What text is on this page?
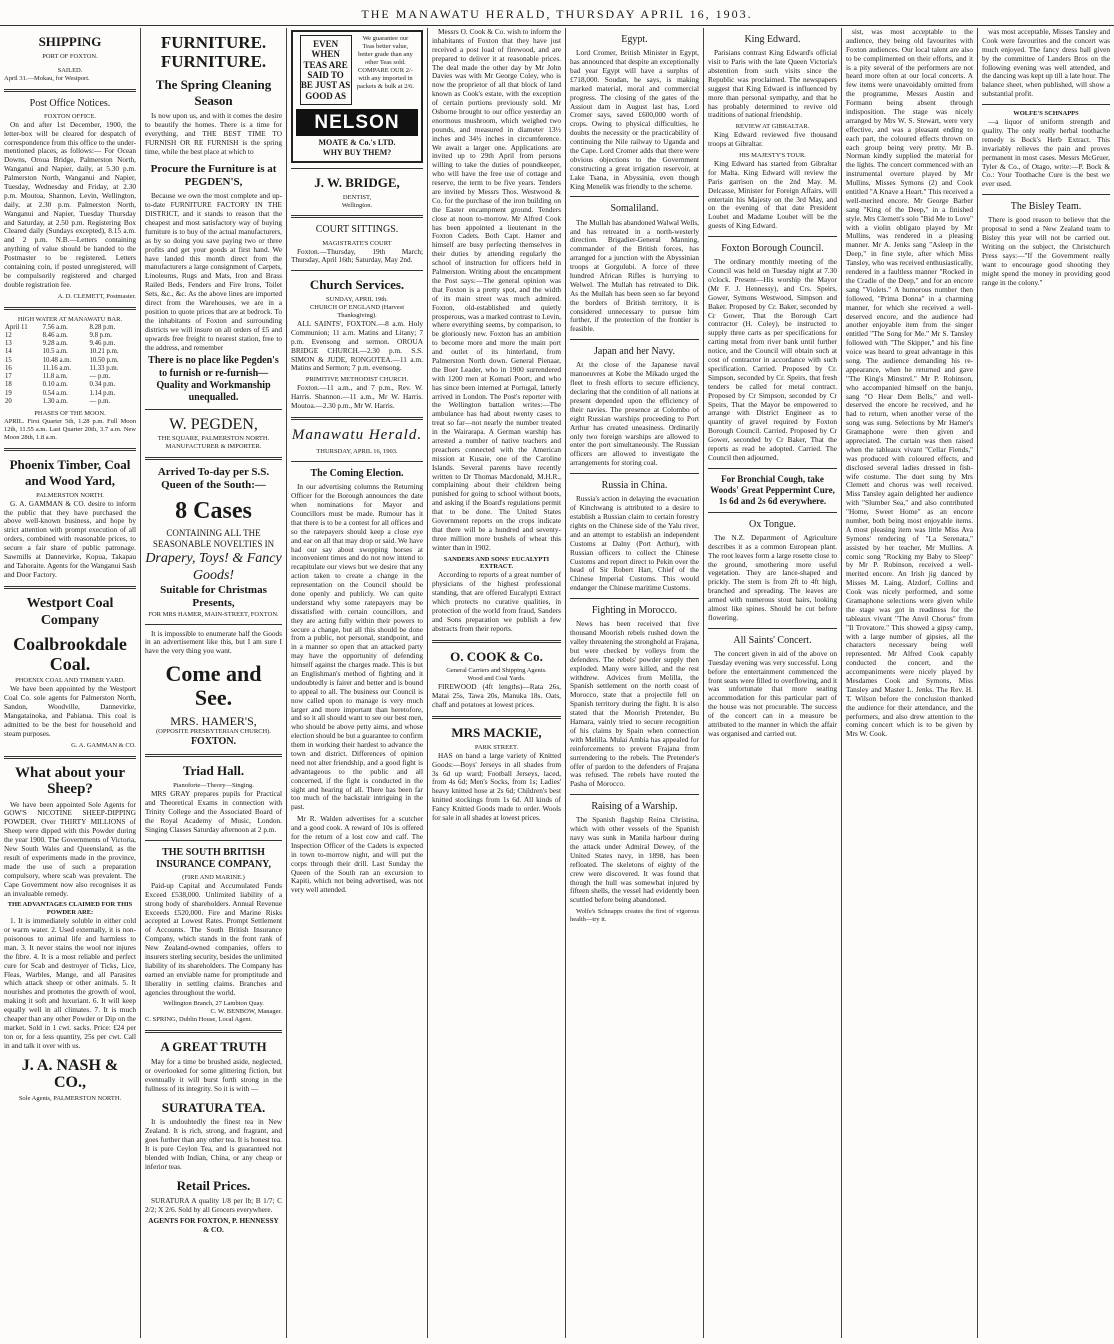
THE MANAWATU HERALD, THURSDAY APRIL 16, 1903.
SHIPPING
PORT OF FOXTON.
SAILED.
April 31.—Mokau, for Westport.
Post Office Notices.
FOXTON OFFICE.

On and after 1st December, 1900, the letter-box will be cleared for despatch of correspondence from this office to the under-mentioned places, as follows:— For Ocean Downs, Oroua Bridge, Palmerston North, Wanganui and Napier, daily, at 5.30 p.m. Palmerston North, Wanganui and Napier, Tuesday, Wednesday and Friday, at 2.30 p.m. Moutoa, Shannon, Levin, Wellington, daily, at 2.30 p.m. Palmerston North, Wanganui and Napier, Tuesday Thursday and Saturday, at 2.50 p.m. Registering Box Cleared daily (Sundays excepted), 8.15 a.m. and 2 p.m. N.B.—Letters containing anything of value should be handed to the Postmaster to be registered. Letters containing coin, if posted unregistered, will be compulsorily registered and charged double registration fee.

A. D. CLEMETT, Postmaster.
HIGH WATER AT MANAWATU BAR.
April 11	7.56 a.m.	8.28 p.m.
12	8.46 a.m.	9.8 p.m.
13	9.28 a.m.	9.46 p.m.
14	10.5 a.m.	10.21 p.m.
15	10.48 a.m.	10.50 p.m.
16	11.16 a.m.	11.33 p.m.
17	11.8 a.m.	— p.m.
18	0.10 a.m.	0.34 p.m.
19	0.54 a.m.	1.14 p.m.
20	1.30 a.m.	— p.m.
PHASES OF THE MOON.
APRIL. First Quarter 5th, 1.28 p.m. Full Moon 12th, 11.55 a.m. Last Quarter 20th, 3.7 a.m. New Moon 28th, 1.8 a.m.
Phoenix Timber, Coal and Wood Yard,
PALMERSTON NORTH.

G. A. GAMMAN & CO. desire to inform the public that they have purchased the above well-known business, and hope by strict attention with prompt execution of all orders, combined with reasonable prices, to secure a fair share of public patronage. Sawmills at Dannevirke, Kopua, Takapau and Tahoraite. Agents for the Wanganui Sash and Door Factory.

Westport Coal Company
Coalbrookdale Coal.
PHOENIX COAL AND TIMBER YARD.

We have been appointed by the Westport Coal Co. sole agents for Palmerston North, Sandon, Woodville, Dannevirke, Mangatainoka, and Pahiatua. This coal is admitted to be the best for household and steam purposes.

G. A. GAMMAN & CO.
What about your Sheep?

We have been appointed Sole Agents for GOW'S NICOTINE SHEEP-DIPPING POWDER. Over THIRTY MILLIONS of Sheep were dipped with this Powder during the year 1900. The Governments of Victoria, New South Wales and Queensland, as the result of experiments made in the province, made the use of such a preparation compulsory, where scab was prevalent. The Cape Government now also recognises it as an invaluable remedy.

THE ADVANTAGES CLAIMED FOR THIS POWDER ARE:

1. It is immediately soluble in either cold or warm water. 2. Used externally, it is non-poisonous to animal life and harmless to man. 3. It never stains the wool nor injures the fibre. 4. It is a most reliable and perfect cure for Scab and destroyer of Ticks, Lice, Fleas, Warbles, Mange, and all Parasites which attack sheep or other animals. 5. It nourishes and promotes the growth of wool, making it soft and luxuriant. 6. It will keep equally well in all climates. 7. It is much cheaper than any other Powder or Dip on the market. Sold in 1 cwt. sacks. Price: £24 per ton or, for a less quantity, 25s per cwt. Call in and talk it over with us.

J. A. NASH & CO.,
Sole Agents, PALMERSTON NORTH.
FURNITURE. FURNITURE.
The Spring Cleaning Season

Is now upon us, and with it comes the desire to beautify the homes. There is a time for everything, and THE BEST TIME TO FURNISH OR RE FURNISH is the spring time, while the best place at which to

Procure the Furniture is at PEGDEN'S,

Because we own the most complete and up-to-date FURNITURE FACTORY IN THE DISTRICT, and it stands to reason that the cheapest and most satisfactory way of buying furniture is to buy of the actual manufacturers, as by so doing you save paying two or three profits and get your goods at first hand. We have landed this month direct from the manufacturers a large consignment of Carpets, Linoleums, Rugs and Mats, Iron and Brass Railed Beds, Fenders and Fire Irons, Toilet Sets, &c., &c. As the above lines are imported direct from the Warehouses, we are in a position to quote prices that are at bedrock. To the inhabitants of Foxton and surrounding districts we will insure on all orders of £5 and upwards free freight to nearest station, free to the address, and remember

There is no place like Pegden's to furnish or re-furnish—Quality and Workmanship unequalled.
W. PEGDEN,
THE SQUARE, PALMERSTON NORTH.
MANUFACTURER & IMPORTER.
Arrived To-day per S.S. Queen of the South:—
8 Cases
CONTAINING ALL THE SEASONABLE NOVELTIES IN
Drapery, Toys! & Fancy Goods!
Suitable for Christmas Presents,
FOR MRS HAMER, MAIN-STREET, FOXTON.

It is impossible to enumerate half the Goods in an advertisement like this, but I am sure I have the very thing you want.

Come and See.
MRS. HAMER'S,
(OPPOSITE PRESBYTERIAN CHURCH).
FOXTON.
Triad Hall.
Pianoforte—Theory—Singing.

MRS GRAY prepares pupils for Practical and Theoretical Exams in connection with Trinity College and the Associated Board of the Royal Academy of Music, London. Singing Classes Saturday afternoon at 2 p.m.

THE SOUTH BRITISH INSURANCE COMPANY,
(FIRE AND MARINE.)

Paid-up Capital and Accumulated Funds Exceed £538,000. Unlimited liability of a strong body of shareholders. Annual Revenue Exceeds £520,000. Fire and Marine Risks accepted at Lowest Rates. Prompt Settlement of Accounts. The South British Insurance Company, which stands in the front rank of New Zealand-owned companies, offers to insurers sterling security, besides the unlimited liability of its shareholders. The Company has earned an enviable name for promptitude and liberality in settling claims. Branches and agencies throughout the world.

Wellington Branch, 27 Lambton Quay.
C. W. BENBOW, Manager.
C. SPRING, Dublin House, Local Agent.
A GREAT TRUTH

May for a time be brushed aside, neglected, or overlooked for some glittering fiction, but eventually it will burst forth strong in the fullness of its integrity. So it is with —

SURATURA TEA.

It is undoubtedly the finest tea in New Zealand. It is rich, strong, and fragrant, and goes further than any other tea. It is honest tea. It is pure Ceylon Tea, and is guaranteed not blended with Indian, China, or any cheap or inferior teas.

Retail Prices.

SURATURA A quality 1/8 per lb; B 1/7; C 2/2; X 2/6. Sold by all Grocers everywhere.

AGENTS FOR FOXTON, P. HENNESSY & CO.
EVEN WHEN TEAS ARE SAID TO BE JUST AS GOOD AS We guarantee our Teas better value, better grade than any other Teas sold. COMPARE OUR 2/- with any imported in packets & bulk at 2/6.
NELSON
MOATE & Co.'s LTD.
WHY BUY THEM?
J. W. BRIDGE,
DENTIST,
Wellington.
COURT SITTINGS.
MAGISTRATE'S COURT

Foxton.—Thursday, 19th March; Thursday, April 16th; Saturday, May 2nd.

Church Services.
SUNDAY, APRIL 19th.
CHURCH OF ENGLAND (Harvest Thanksgiving).

ALL SAINTS', FOXTON.—8 a.m. Holy Communion; 11 a.m. Matins and Litany; 7 p.m. Evensong and sermon. OROUA BRIDGE CHURCH.—2.30 p.m. S.S. SIMON & JUDE, RONGOTEA.—11 a.m. Matins and Sermon; 7 p.m. evensong.

PRIMITIVE METHODIST CHURCH.

Foxton.—11 a.m., and 7 p.m., Rev. W. Harris. Shannon.—11 a.m., Mr W. Harris. Moutoa.—2.30 p.m., Mr W. Harris.

Manawatu Herald.
THURSDAY, APRIL 16, 1903.
The Coming Election.

In our advertising columns the Returning Officer for the Borough announces the date when nominations for Mayor and Councillors must be made. Rumour has it that there is to be a contest for all offices and so the ratepayers should keep a close eye and ear on all that may drop or said. We have had our say about swopping horses at inconvenient times and do not now intend to recapitulate our views but we desire that any action taken to create a change in the representation on the Council should be done openly and publicly. We can quite understand why some ratepayers may be dissatisfied with certain councillors, and they are acting fully within their powers to secure a change, but all this should be done from a public, not personal, standpoint, and in a manner so open that an attacked party may have the opportunity of defending himself against the charges made. This is but an Englishman's method of fighting and it undoubtedly is fairer and better and is bound to appeal to all. The business our Council is now called upon to manage is very much larger and more important than heretofore, and so it all should want to see our best men, who should be above petty aims, and whose election should be but a guarantee to confirm them in working their hardest to advance the town and district. Differences of opinion need not alter friendship, and a good fight is advantageous to the public and all concerned, if the fight is conducted in the sight and hearing of all. There has been far too much of the backstair intriguing in the past.

Mr R. Walden advertises for a scutcher and a good cook. A reward of 10s is offered for the return of a lost cow and calf. The Inspection Officer of the Cadets is expected in town to-morrow night, and will put the corps through their drill. Last Sunday the Queen of the South ran an excursion to Kapiti, which not being advertised, was not very well attended.

Messrs O. Cook & Co. wish to inform the inhabitants of Foxton that they have just received a post load of firewood, and are prepared to deliver it at reasonable prices. The deal made the other day by Mr John Davies was with Mr George Coley, who is now the proprietor of all that block of land known as Cook's estate, with the exception of certain portions previously sold. Mr Osborne brought to our office yesterday an enormous mushroom, which weighed two pounds, and measured in diameter 13½ inches and 34½ inches in circumference. We await a larger one. Applications are invited up to 29th April from persons willing to take the duties of poundkeeper, who will have the free use of cottage and reserve, the term to be five years. Tenders are invited by Messrs Thos. Westwood & Co. for the purchase of the iron building on the Easter encampment ground. Tenders close at noon to-morrow. Mr Alfred Cook has been appointed a lieutenant in the Foxton Cadets. Both Capt. Hamer and himself are busy perfecting themselves in their duties by attending regularly the school of instruction for officers held in Palmerston. Writing about the encampment the Post says:—The general opinion was that Foxton is a pretty spot, and the width of its main street was much admired. Foxton, old-established and quietly prosperous, was a marked contrast to Levin, where everything seems, by comparison, to be gloriously new. Foxton has an ambition to become more and more the main port and outlet of its hinterland, from Palmerston North down. General Pienaar, the Boer Leader, who in 1900 surrendered with 1200 men at Komati Poort, and who has since been interned at Portugal, latterly arrived in London. The Post's reporter with the Wellington battalion writes:—The ambulance has had about twenty cases to treat so far—not nearly the number treated in the Wairarapa. A German warship has arrested a number of native teachers and preachers connected with the American mission at Kusaie, one of the Caroline Islands. Several parents have recently written to Dr Thomas Macdonald, M.H.R., complaining about their children being punished for going to school without boots, and asking if the Board's regulations permit that to be done. The United States Government reports on the crops indicate that there will be a hundred and seventy-three million more bushels of wheat this winter than in 1902.

SANDERS AND SONS' EUCALYPTI EXTRACT.

According to reports of a great number of physicians of the highest professional standing, that are offered Eucalypti Extract which protects no curative qualities, in protection of the world from fraud, Sanders and Sons preparation we publish a few abstracts from their reports.

O. COOK & Co.
General Carriers and Shipping Agents.
Wood and Coal Yards.

FIREWOOD (4ft lengths)—Rata 26s, Matai 25s, Tawa 20s, Manuka 18s. Oats, chaff and potatoes at lowest prices.

MRS MACKIE,
PARK STREET.

HAS on hand a large variety of Knitted Goods:—Boys' Jerseys in all shades from 3s 6d up ward; Football Jerseys, laced, from 4s 6d; Men's Socks, from 1s; Ladies' heavy knitted hose at 2s 6d; Children's best knitted stockings from 1s 6d. All kinds of Fancy Knitted Goods made to order. Wools for sale in all shades at lowest prices.

Egypt.

Lord Cromer, British Minister in Egypt, has announced that despite an exceptionally bad year Egypt will have a surplus of £718,000. Soudan, he says, is making marked material, moral and commercial progress. The closing of the gates of the Assiout dam in August last has, Lord Cromer says, saved £600,000 worth of crops. Owing to physical difficulties, he doubts the necessity or the practicability of continuing the Nile railway to Uganda and the Cape. Lord Cromer adds that there were obvious objections to the Government constructing a great irrigation reservoir, at Lake Tsana, in Abyssinia, even though King Menelik was friendly to the scheme.

Somaliland.

The Mullah has abandoned Walwal Wells, and has retreated in a north-westerly direction. Brigadier-General Manning, commander of the British forces, has arranged for a junction with the Abyssinian troops at Gorgulubi. A force of three hundred African Rifles is hurrying to Welwel. The Mullah has retreated to Dik. As the Mullah has been seen so far beyond the borders of British territory, it is considered unnecessary to pursue him further, if the protection of the frontier is feasible.

Japan and her Navy.

At the close of the Japanese naval manoeuvres at Kobe the Mikado urged the fleet to fresh efforts to secure efficiency, declaring that the condition of all nations at present depended upon the efficiency of their navies. The presence at Colombo of eight Russian warships proceeding to Port Arthur has created uneasiness. Ordinarily only two foreign warships are allowed to enter the port simultaneously. The Russian officers are allowed to investigate the arrangements for storing coal.

Russia in China.

Russia's action in delaying the evacuation of Kinchwang is attributed to a desire to establish a Russian claim to certain forestry rights on the Chinese side of the Yalu river, and an attempt to establish an independent Customs at Dalny (Port Arthur), with Russian officers to collect the Chinese Customs and report direct to Pekin over the head of Sir Robert Hart, Chief of the Chinese Imperial Customs. This would endanger the Chinese maritime Customs.

Fighting in Morocco.

News has been received that five thousand Moorish rebels rushed down the valley threatening the stronghold at Frajana, but were checked by volleys from the defenders. The rebels' powder supply then exploded. Many were killed, and the rest withdrew. Advices from Melilla, the Spanish settlement on the north coast of Morocco, state that a projectile fell on Spanish territory during the fight. It is also stated that the Moorish Pretender, Bu Hamara, vainly tried to secure recognition of his claims by Spain when connection with Melilla. Mulai Ambia has appealed for reinforcements to prevent Frajana from surrendering to the rebels. The Pretender's offer of pardon to the defenders of Frajana was refused. The rebels have routed the Pasha of Morocco.

Raising of a Warship.

The Spanish flagship Reina Christina, which with other vessels of the Spanish navy was sunk in Manila harbour during the attack under Admiral Dewey, of the United States navy, in 1898, has been refloated. The skeletons of eighty of the crew were discovered. It was found that though the hull was somewhat injured by fifteen shells, the vessel had evidently been scuttled before being abandoned.

Wolfe's Schnapps creates the first of vigorous health—try it.

King Edward.

Parisians contrast King Edward's official visit to Paris with the late Queen Victoria's abstention from such visits since the Republic was proclaimed. The newspapers suggest that King Edward is influenced by more than personal sympathy, and that he has probably determined to revive old traditions of national friendship.

REVIEW AT GIBRALTAR.

King Edward reviewed five thousand troops at Gibraltar.

HIS MAJESTY'S TOUR.

King Edward has started from Gibraltar for Malta. King Edward will review the Paris garrison on the 2nd May. M. Delcasse, Minister for Foreign Affairs, will entertain his Majesty on the 3rd May, and on the evening of that date President Loubet and Madame Loubet will be the guests of King Edward.

Foxton Borough Council.

The ordinary monthly meeting of the Council was held on Tuesday night at 7.30 o'clock. Present—His worship the Mayor (Mr F. J. Hennessy), and Crs. Speirs, Gower, Symons Westwood, Simpson and Baker. Proposed by Cr. Baker, seconded by Cr Gower, That the Borough Cart contractor (H. Coley), be instructed to supply three carts as per specifications for carting metal from river bank until further notice, and the Council will obtain such at cost of contractor in accordance with such specification. Carried. Proposed by Cr. Simpson, seconded by Cr. Speirs, that fresh tenders be called for metal contract. Proposed by Cr Simpson, seconded by Cr Speirs, That the Mayor be empowered to arrange with District Engineer as to quantity of gravel required by Foxton Borough Council. Carried. Proposed by Cr Gower, seconded by Cr Baker, That the reports as read be adopted. Carried. The Council then adjourned.

For Bronchial Cough, take Woods' Great Peppermint Cure, 1s 6d and 2s 6d everywhere.
Ox Tongue.

The N.Z. Department of Agriculture describes it as a common European plant. The root leaves form a large rosette close to the ground, smothering more useful vegetation. They are lance-shaped and prickly. The stem is from 2ft to 4ft high, branched and spreading. The leaves are armed with numerous stout hairs, looking almost like spines. Should be cut before flowering.

All Saints' Concert.

The concert given in aid of the above on Tuesday evening was very successful. Long before the entertainment commenced the front seats were filled to overflowing, and it was unfortunate that more seating accommodation for this particular part of the house was not procurable. The success of the concert can in a measure be attributed to the manner in which the affair was organised and carried out.

sist, was most acceptable to the audience, they being old favourites with Foxton audiences. Our local talent are also to be complimented on their efforts, and it is a pity several of the performers are not heard more often at our local concerts. A few items were unavoidably omitted from the programme, Messrs Austin and Formann being absent through indisposition. The stage was nicely arranged by Mrs W. S. Stewart, were very effective, and was a pleasant ending to each part, the coloured effects thrown on each group being very pretty. Mr B. Norman kindly supplied the material for the lights. The concert commenced with an instrumental overture played by Mr Mullins, Misses Symons (2) and Cook entitled "A Knave a Heart." This received a well-merited encore. Mr George Barber sang "King of the Deep," in a finished style. Mrs Clemett's solo "Bid Me to Love" with a violin obligato played by Mr Mullins, was rendered in a pleasing manner. Mr A. Jenks sang "Asleep in the Deep," in fine style, after which Miss Tansley, who was received enthusiastically, rendered in a faultless manner "Rocked in the Cradle of the Deep," and for an encore sang "Violets." A humorous number then followed, "Prima Donna" in a charming manner, for which she received a well-deserved encore, and the audience had another enjoyable item from the singer entitled "The Song for Me." Mr S. Tansley followed with "The Skipper," and his fine voice was heard to great advantage in this song. The audience demanding his re-appearance, when he returned and gave "The King's Minstrel." Mr P. Robinson, who accompanied himself on the banjo, sang "O Hear Dem Bells," and well-deserved the encore he received, and he had to return, when another verse of the song was sung. Selections by Mr Hamer's Gramaphone were then given and appreciated. The curtain was then raised when the tableaux vivant "Cellar Fiends," was produced with coloured effects, and disclosed several ladies dressed in fish-wife costume. The duet sung by Mrs Clemett and chorus was well received. Miss Tansley again delighted her audience with "Slumber Sea," and also contributed "Home, Sweet Home" as an encore number, both being most enjoyable items. A most pleasing item was little Miss Ava Symons' rendering of "La Serenata," assisted by her teacher, Mr Mullins. A comic song "Rocking my Baby to Sleep" by Mr P. Robinson, received a well-merited encore. An Irish jig danced by Misses M. Laing, Alzdorf, Collins and Cook was nicely performed, and some Gramaphone selections were given while the stage was got in readiness for the tableaux vivant "The Anvil Chorus" from "Il Trovatore." This showed a gipsy camp, with a large number of gipsies, all the characters necessary being well represented. Mr Alfred Cook capably conducted the concert, and the accompaniments were nicely played by Mesdames Cook and Symons, Miss Tansley and Master L. Jenks. The Rev. H. T. Wilson before the conclusion thanked the audience for their attendance, and the performers, and also drew attention to the coming concert which is to be given by Mrs W. Cook.

was most acceptable, Misses Tansley and Cook were favourites and the concert was much enjoyed. The fancy dress ball given by the committee of Landers Bros on the following evening was well attended, and the dancing was kept up till a late hour. The balance sheet, when published, will show a substantial profit.

WOLFE'S SCHNAPPS

—a liquor of uniform strength and quality. The only really herbal toothache remedy is Bock's Herb Extract. This invariably relieves the pain and proves permanent in most cases. Messrs McGruer, Tyler & Co., of Otago, write:—P. Bock & Co.: Your Toothache Cure is the best we ever used.

The Bisley Team.

There is good reason to believe that the proposal to send a New Zealand team to Bisley this year will not be carried out. Writing on the subject, the Christchurch Press says:—"If the Government really want to encourage good shooting they might spend the money in providing good range in the colony."
